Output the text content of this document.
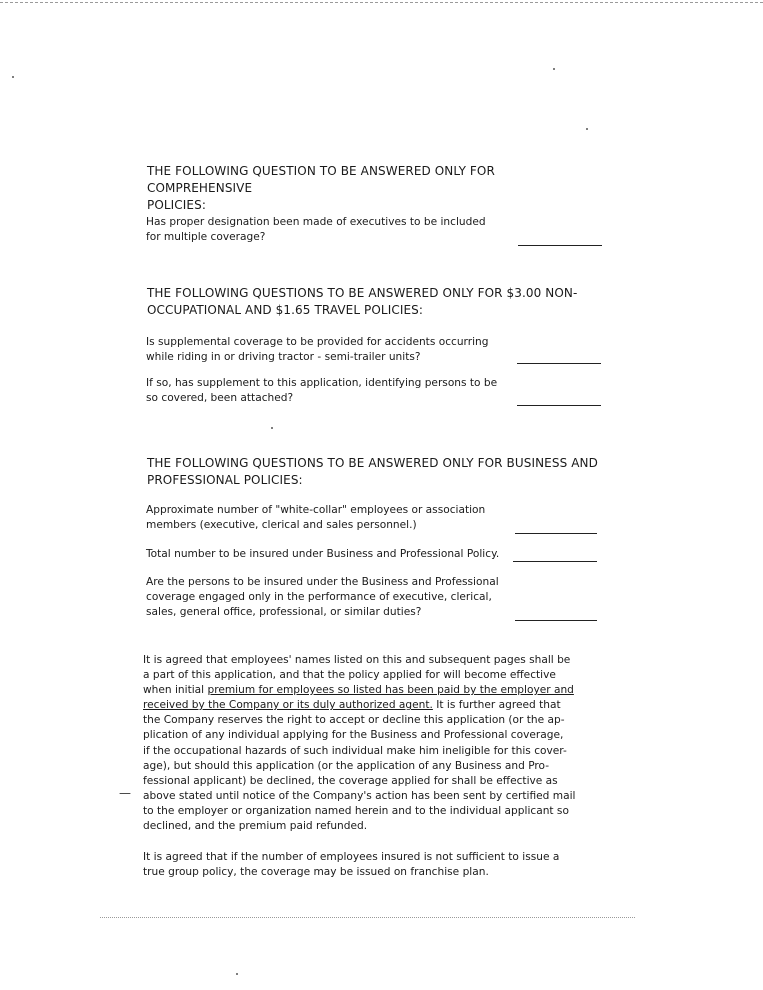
THE FOLLOWING QUESTION TO BE ANSWERED ONLY FOR COMPREHENSIVE
POLICIES:
Has proper designation been made of executives to be included
for multiple coverage?
THE FOLLOWING QUESTIONS TO BE ANSWERED ONLY FOR $3.00 NON-
OCCUPATIONAL AND $1.65 TRAVEL POLICIES:
Is supplemental coverage to be provided for accidents occurring
while riding in or driving tractor - semi-trailer units?
If so, has supplement to this application, identifying persons to be
so covered, been attached?
THE FOLLOWING QUESTIONS TO BE ANSWERED ONLY FOR BUSINESS AND
PROFESSIONAL POLICIES:
Approximate number of "white-collar" employees or association
members (executive, clerical and sales personnel.)
Total number to be insured under Business and Professional Policy.
Are the persons to be insured under the Business and Professional
coverage engaged only in the performance of executive, clerical,
sales, general office, professional, or similar duties?
It is agreed that employees' names listed on this and subsequent pages shall be
a part of this application, and that the policy applied for will become effective
when initial premium for employees so listed has been paid by the employer and
received by the Company or its duly authorized agent. It is further agreed that
the Company reserves the right to accept or decline this application (or the ap-
plication of any individual applying for the Business and Professional coverage,
if the occupational hazards of such individual make him ineligible for this cover-
age), but should this application (or the application of any Business and Pro-
fessional applicant) be declined, the coverage applied for shall be effective as
above stated until notice of the Company's action has been sent by certified mail
to the employer or organization named herein and to the individual applicant so
declined, and the premium paid refunded.
—
It is agreed that if the number of employees insured is not sufficient to issue a
true group policy, the coverage may be issued on franchise plan.
